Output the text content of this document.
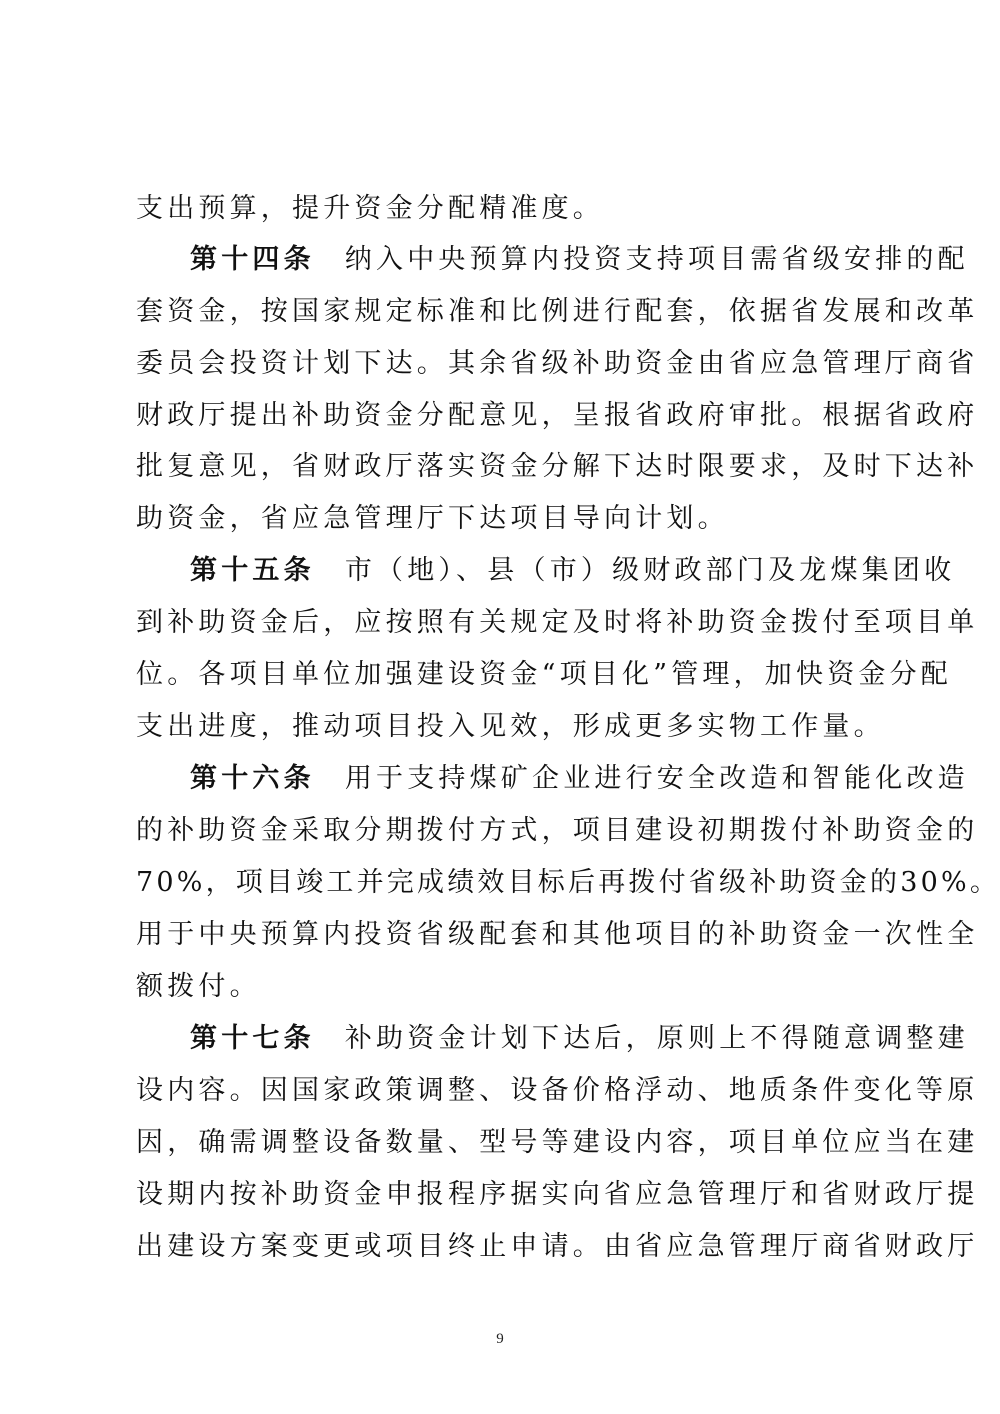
支出预算，提升资金分配精准度。
第十四条 纳入中央预算内投资支持项目需省级安排的配
套资金，按国家规定标准和比例进行配套，依据省发展和改革
委员会投资计划下达。其余省级补助资金由省应急管理厅商省
财政厅提出补助资金分配意见，呈报省政府审批。根据省政府
批复意见，省财政厅落实资金分解下达时限要求，及时下达补
助资金，省应急管理厅下达项目导向计划。
第十五条 市（地）、县（市）级财政部门及龙煤集团收
到补助资金后，应按照有关规定及时将补助资金拨付至项目单
位。各项目单位加强建设资金“项目化”管理，加快资金分配
支出进度，推动项目投入见效，形成更多实物工作量。
第十六条 用于支持煤矿企业进行安全改造和智能化改造
的补助资金采取分期拨付方式，项目建设初期拨付补助资金的
70%，项目竣工并完成绩效目标后再拨付省级补助资金的30%。
用于中央预算内投资省级配套和其他项目的补助资金一次性全
额拨付。
第十七条 补助资金计划下达后，原则上不得随意调整建
设内容。因国家政策调整、设备价格浮动、地质条件变化等原
因，确需调整设备数量、型号等建设内容，项目单位应当在建
设期内按补助资金申报程序据实向省应急管理厅和省财政厅提
出建设方案变更或项目终止申请。由省应急管理厅商省财政厅
9
